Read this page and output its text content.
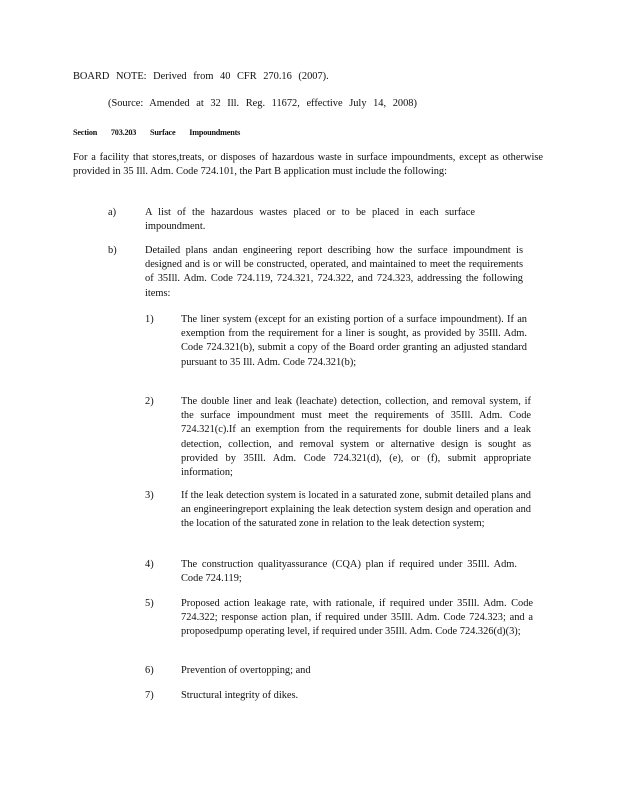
BOARD NOTE: Derived from 40 CFR 270.16 (2007).

(Source: Amended at 32 Ill. Reg. 11672, effective July 14, 2008)

Section 703.203 Surface Impoundments

For a facility that stores,treats, or disposes of hazardous waste in surface impoundments, except as otherwise provided in 35 Ill. Adm. Code 724.101, the Part B application must include the following:

a)	A list of the hazardous wastes placed or to be placed in each surface impoundment.

b)	Detailed plans andan engineering report describing how the surface impoundment is designed and is or will be constructed, operated, and maintained to meet the requirements of 35Ill. Adm. Code 724.119, 724.321, 724.322, and 724.323, addressing the following items:

1)	The liner system (except for an existing portion of a surface impoundment). If an exemption from the requirement for a liner is sought, as provided by 35Ill. Adm. Code 724.321(b), submit a copy of the Board order granting an adjusted standard pursuant to 35 Ill. Adm. Code 724.321(b);

2)	The double liner and leak (leachate) detection, collection, and removal system, if the surface impoundment must meet the requirements of 35Ill. Adm. Code 724.321(c).If an exemption from the requirements for double liners and a leak detection, collection, and removal system or alternative design is sought as provided by 35Ill. Adm. Code 724.321(d), (e), or (f), submit appropriate information;

3)	If the leak detection system is located in a saturated zone, submit detailed plans and an engineeringreport explaining the leak detection system design and operation and the location of the saturated zone in relation to the leak detection system;

4)	The construction qualityassurance (CQA) plan if required under 35Ill. Adm. Code 724.119;

5)	Proposed action leakage rate, with rationale, if required under 35Ill. Adm. Code 724.322; response action plan, if required under 35Ill. Adm. Code 724.323; and a proposedpump operating level, if required under 35Ill. Adm. Code 724.326(d)(3);

6)	Prevention of overtopping; and

7)	Structural integrity of dikes.
